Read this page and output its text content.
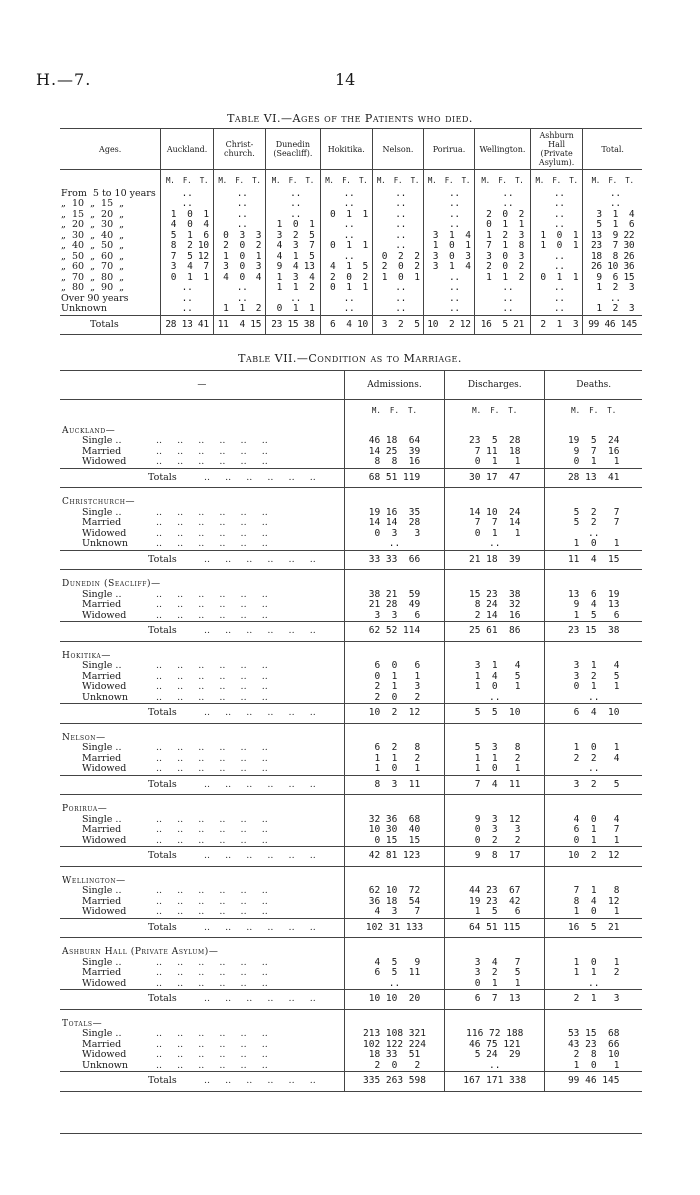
H.—7.	14
Table VI.—Ages of the Patients who died.
Ages.	Auckland.	Christ-church.	Dunedin (Seacliff).	Hokitika.	Nelson.	Porirua.	Wellington.	Ashburn Hall (Private Asylum).	Total.
	M.  F.  T.	M.  F.  T.	M.  F.  T.	M.  F.  T.	M.  F.  T.	M.  F.  T.	M.  F.  T.	M.  F.  T.	M.  F.  T.
From  5 to 10 years	..	..	..	..	..	..	..	..	..
„  10  „  15  „	..	..	..	..	..	..	..	..	..
„  15  „  20  „	1  0  1	..	..	0  1  1	..	..	2  0  2	..	3  1  4
„  20  „  30  „	4  0  4	..	1  0  1	..	..	..	0  1  1	..	5  1  6
„  30  „  40  „	5  1  6	0  3  3	3  2  5	..	..	3  1  4	1  2  3	1  0  1	13  9 22
„  40  „  50  „	8  2 10	2  0  2	4  3  7	0  1  1	..	1  0  1	7  1  8	1  0  1	23  7 30
„  50  „  60  „	7  5 12	1  0  1	4  1  5	..	0  2  2	3  0  3	3  0  3	..	18  8 26
„  60  „  70  „	3  4  7	3  0  3	9  4 13	4  1  5	2  0  2	3  1  4	2  0  2	..	26 10 36
„  70  „  80  „	0  1  1	4  0  4	1  3  4	2  0  2	1  0  1	..	1  1  2	0  1  1	9  6 15
„  80  „  90  „	..	..	1  1  2	0  1  1	..	..	..	..	1  2  3
Over 90 years	..	..	..	..	..	..	..	..	..
Unknown	..	1  1  2	0  1  1	..	..	..	..	..	1  2  3
Totals	28 13 41	11  4 15	23 15 38	6  4 10	3  2  5	10  2 12	16  5 21	2  1  3	99 46 145
Table VII.—Condition as to Marriage.
—	Admissions.	Discharges.	Deaths.
	M.  F.  T.	M.  F.  T.	M.  F.  T.
Auckland—			
Single .. ..     ..     ..     ..     ..     ..	46 18  64	23  5  28	19  5  24
Married ..     ..     ..     ..     ..     ..	14 25  39	7 11  18	9  7  16
Widowed ..     ..     ..     ..     ..     ..	8  8  16	0  1   1	0  1   1
Totals ..     ..     ..     ..     ..     ..	68 51 119	30 17  47	28 13  41
Christchurch—			
Single .. ..     ..     ..     ..     ..     ..	19 16  35	14 10  24	5  2   7
Married ..     ..     ..     ..     ..     ..	14 14  28	7  7  14	5  2   7
Widowed ..     ..     ..     ..     ..     ..	0  3   3	0  1   1	..
Unknown ..     ..     ..     ..     ..     ..	..	..	1  0   1
Totals ..     ..     ..     ..     ..     ..	33 33  66	21 18  39	11  4  15
Dunedin (Seacliff)—			
Single .. ..     ..     ..     ..     ..     ..	38 21  59	15 23  38	13  6  19
Married ..     ..     ..     ..     ..     ..	21 28  49	8 24  32	9  4  13
Widowed ..     ..     ..     ..     ..     ..	3  3   6	2 14  16	1  5   6
Totals ..     ..     ..     ..     ..     ..	62 52 114	25 61  86	23 15  38
Hokitika—			
Single .. ..     ..     ..     ..     ..     ..	6  0   6	3  1   4	3  1   4
Married ..     ..     ..     ..     ..     ..	0  1   1	1  4   5	3  2   5
Widowed ..     ..     ..     ..     ..     ..	2  1   3	1  0   1	0  1   1
Unknown ..     ..     ..     ..     ..     ..	2  0   2	..	..
Totals ..     ..     ..     ..     ..     ..	10  2  12	5  5  10	6  4  10
Nelson—			
Single .. ..     ..     ..     ..     ..     ..	6  2   8	5  3   8	1  0   1
Married ..     ..     ..     ..     ..     ..	1  1   2	1  1   2	2  2   4
Widowed ..     ..     ..     ..     ..     ..	1  0   1	1  0   1	..
Totals ..     ..     ..     ..     ..     ..	8  3  11	7  4  11	3  2   5
Porirua—			
Single .. ..     ..     ..     ..     ..     ..	32 36  68	9  3  12	4  0   4
Married ..     ..     ..     ..     ..     ..	10 30  40	0  3   3	6  1   7
Widowed ..     ..     ..     ..     ..     ..	0 15  15	0  2   2	0  1   1
Totals ..     ..     ..     ..     ..     ..	42 81 123	9  8  17	10  2  12
Wellington—			
Single .. ..     ..     ..     ..     ..     ..	62 10  72	44 23  67	7  1   8
Married ..     ..     ..     ..     ..     ..	36 18  54	19 23  42	8  4  12
Widowed ..     ..     ..     ..     ..     ..	4  3   7	1  5   6	1  0   1
Totals ..     ..     ..     ..     ..     ..	102 31 133	64 51 115	16  5  21
Ashburn Hall (Private Asylum)—			
Single .. ..     ..     ..     ..     ..     ..	4  5   9	3  4   7	1  0   1
Married ..     ..     ..     ..     ..     ..	6  5  11	3  2   5	1  1   2
Widowed ..     ..     ..     ..     ..     ..	..	0  1   1	..
Totals ..     ..     ..     ..     ..     ..	10 10  20	6  7  13	2  1   3
Totals—			
Single .. ..     ..     ..     ..     ..     ..	213 108 321	116 72 188	53 15  68
Married ..     ..     ..     ..     ..     ..	102 122 224	46 75 121	43 23  66
Widowed ..     ..     ..     ..     ..     ..	18 33  51	5 24  29	2  8  10
Unknown ..     ..     ..     ..     ..     ..	2  0   2	..	1  0   1
Totals ..     ..     ..     ..     ..     ..	335 263 598	167 171 338	99 46 145
